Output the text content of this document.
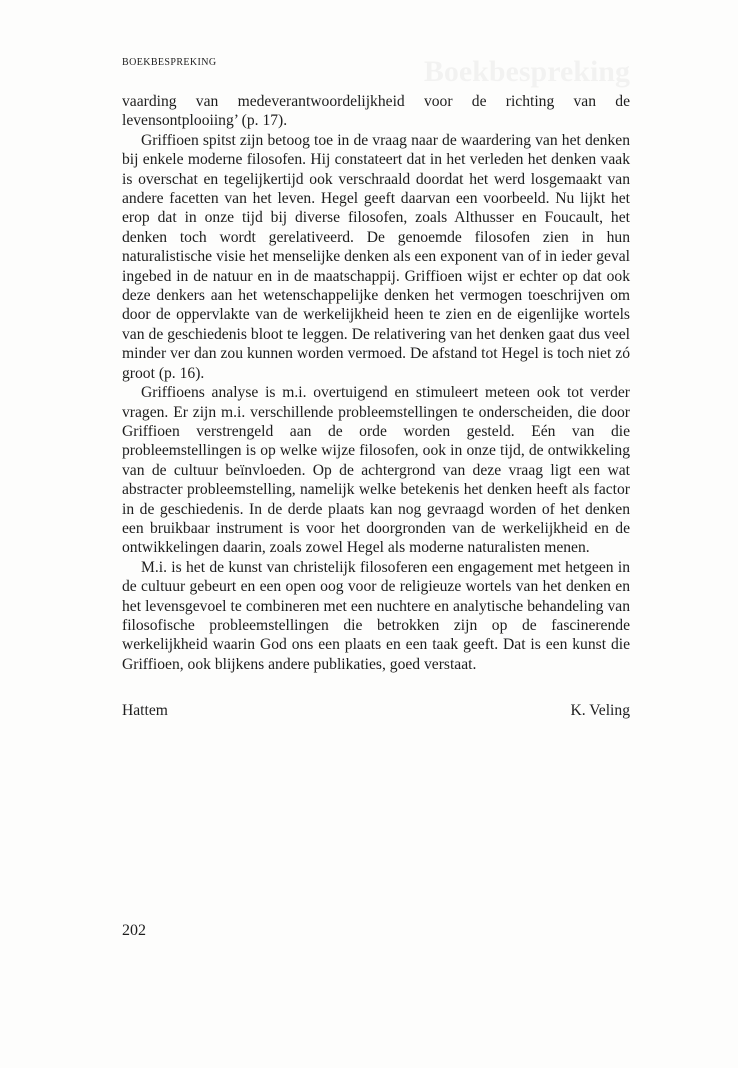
BOEKBESPREKING

vaarding van medeverantwoordelijkheid voor de richting van de levensontplooiing’ (p. 17).

Griffioen spitst zijn betoog toe in de vraag naar de waardering van het denken bij enkele moderne filosofen. Hij constateert dat in het verleden het denken vaak is overschat en tegelijkertijd ook verschraald doordat het werd losgemaakt van andere facetten van het leven. Hegel geeft daarvan een voorbeeld. Nu lijkt het erop dat in onze tijd bij diverse filosofen, zoals Althusser en Foucault, het denken toch wordt gerelativeerd. De genoemde filosofen zien in hun naturalistische visie het menselijke denken als een exponent van of in ieder geval ingebed in de natuur en in de maatschappij. Griffioen wijst er echter op dat ook deze denkers aan het wetenschappelijke denken het vermogen toeschrijven om door de oppervlakte van de werkelijkheid heen te zien en de eigenlijke wortels van de geschiedenis bloot te leggen. De relativering van het denken gaat dus veel minder ver dan zou kunnen worden vermoed. De afstand tot Hegel is toch niet zó groot (p. 16).

Griffioens analyse is m.i. overtuigend en stimuleert meteen ook tot verder vragen. Er zijn m.i. verschillende probleemstellingen te onderscheiden, die door Griffioen verstrengeld aan de orde worden gesteld. Eén van die probleemstellingen is op welke wijze filosofen, ook in onze tijd, de ontwikkeling van de cultuur beïnvloeden. Op de achtergrond van deze vraag ligt een wat abstracter probleemstelling, namelijk welke betekenis het denken heeft als factor in de geschiedenis. In de derde plaats kan nog gevraagd worden of het denken een bruikbaar instrument is voor het doorgronden van de werkelijkheid en de ontwikkelingen daarin, zoals zowel Hegel als moderne naturalisten menen.

M.i. is het de kunst van christelijk filosoferen een engagement met hetgeen in de cultuur gebeurt en een open oog voor de religieuze wortels van het denken en het levensgevoel te combineren met een nuchtere en analytische behandeling van filosofische probleemstellingen die betrokken zijn op de fascinerende werkelijkheid waarin God ons een plaats en een taak geeft. Dat is een kunst die Griffioen, ook blijkens andere publikaties, goed verstaat.

Hattem	K. Veling
202
